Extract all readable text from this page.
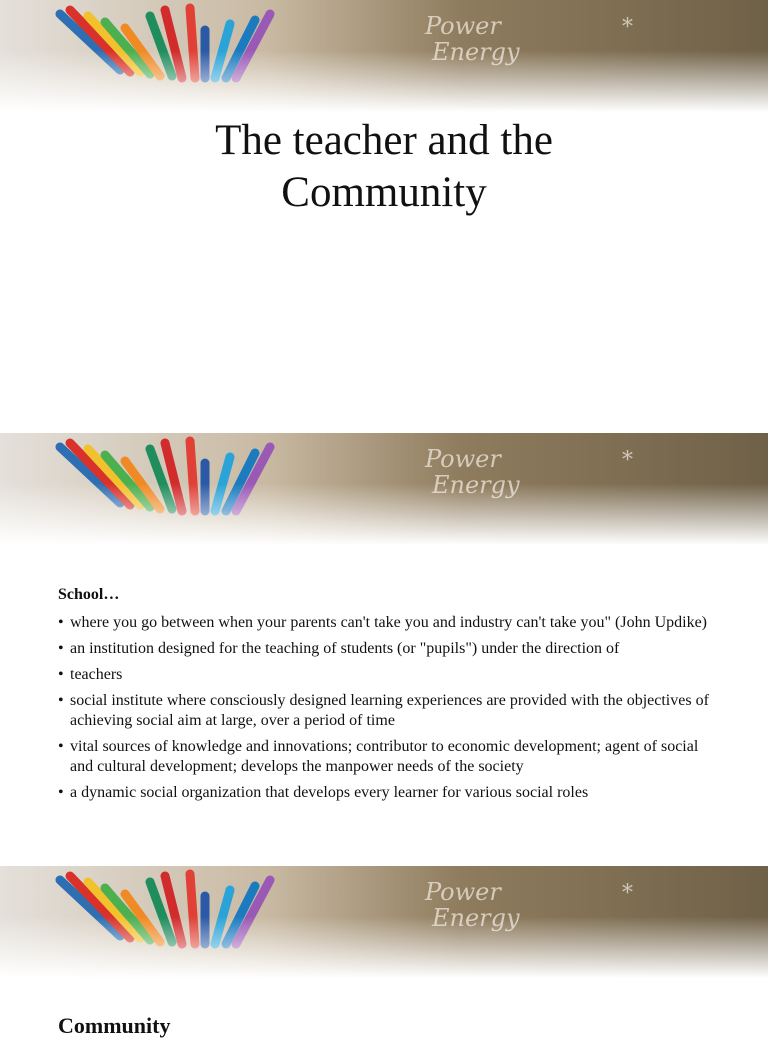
The teacher and the
Community
School…
• where you go between when your parents can't take you and industry can't take you" (John Updike)
• an institution designed for the teaching of students (or "pupils") under the direction of
• teachers
• social institute where consciously designed learning experiences are provided with the objectives of achieving social aim at large, over a period of time
• vital sources of knowledge and innovations; contributor to economic development; agent of social and cultural development; develops the manpower needs of the society
• a dynamic social organization that develops every learner for various social roles
Community
